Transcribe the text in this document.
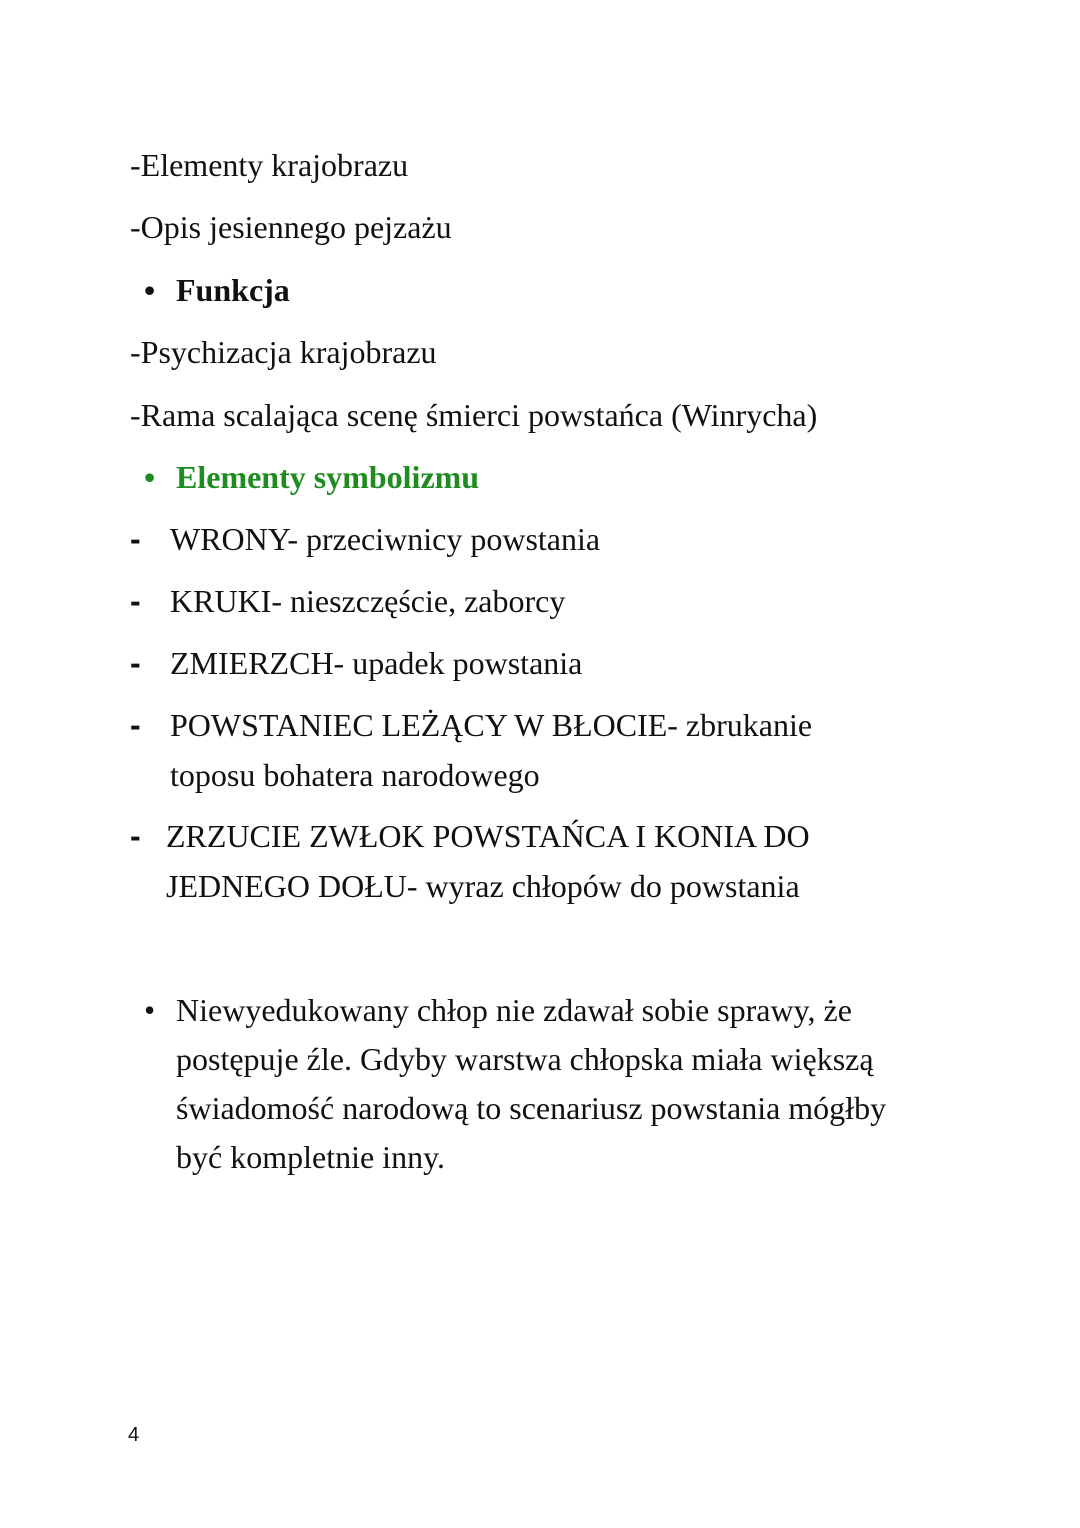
-Elementy krajobrazu
-Opis jesiennego pejzażu
• Funkcja
-Psychizacja krajobrazu
-Rama scalająca scenę śmierci powstańca (Winrycha)
• Elementy symbolizmu
- WRONY- przeciwnicy powstania
- KRUKI- nieszczęście, zaborcy
- ZMIERZCH- upadek powstania
- POWSTANIEC LEŻĄCY W BŁOCIE- zbrukanie toposu bohatera narodowego
- ZRZUCIE ZWŁOK POWSTAŃCA I KONIA DO JEDNEGO DOŁU- wyraz chłopów do powstania
• Niewyedukowany chłop nie zdawał sobie sprawy, że postępuje źle. Gdyby warstwa chłopska miała większą świadomość narodową to scenariusz powstania mógłby być kompletnie inny.
4
